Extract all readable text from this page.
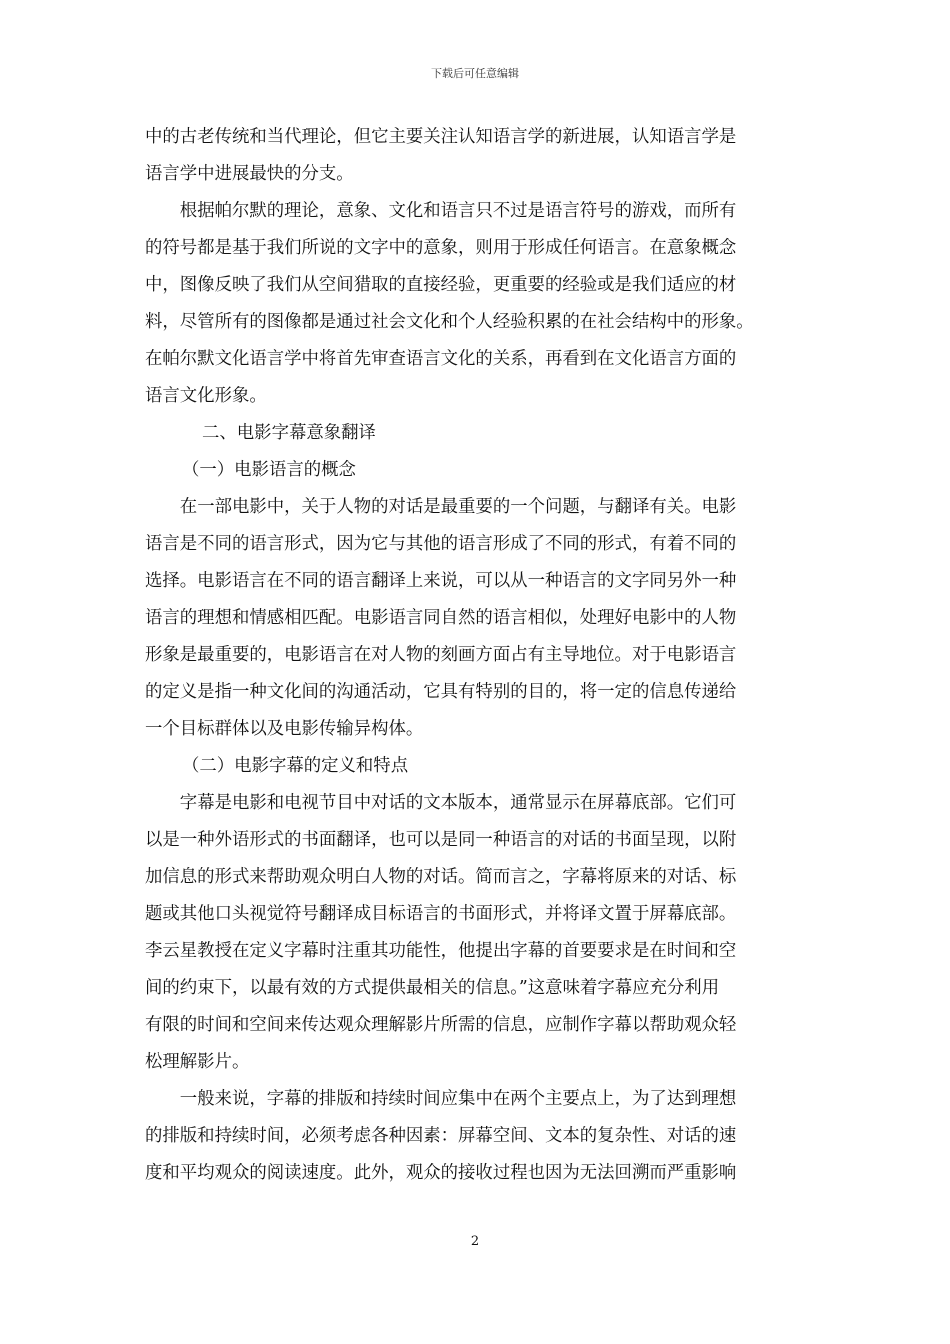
下载后可任意编辑

中的古老传统和当代理论，但它主要关注认知语言学的新进展，认知语言学是

语言学中进展最快的分支。

根据帕尔默的理论，意象、文化和语言只不过是语言符号的游戏，而所有

的符号都是基于我们所说的文字中的意象，则用于形成任何语言。在意象概念

中，图像反映了我们从空间猎取的直接经验，更重要的经验或是我们适应的材

料，尽管所有的图像都是通过社会文化和个人经验积累的在社会结构中的形象。

在帕尔默文化语言学中将首先审查语言文化的关系，再看到在文化语言方面的

语言文化形象。

二、电影字幕意象翻译

（一）电影语言的概念

在一部电影中，关于人物的对话是最重要的一个问题，与翻译有关。电影

语言是不同的语言形式，因为它与其他的语言形成了不同的形式，有着不同的

选择。电影语言在不同的语言翻译上来说，可以从一种语言的文字同另外一种

语言的理想和情感相匹配。电影语言同自然的语言相似，处理好电影中的人物

形象是最重要的，电影语言在对人物的刻画方面占有主导地位。对于电影语言

的定义是指一种文化间的沟通活动，它具有特别的目的，将一定的信息传递给

一个目标群体以及电影传输异构体。

（二）电影字幕的定义和特点

字幕是电影和电视节目中对话的文本版本，通常显示在屏幕底部。它们可

以是一种外语形式的书面翻译，也可以是同一种语言的对话的书面呈现，以附

加信息的形式来帮助观众明白人物的对话。简而言之，字幕将原来的对话、标

题或其他口头视觉符号翻译成目标语言的书面形式，并将译文置于屏幕底部。

李云星教授在定义字幕时注重其功能性，他提出字幕的首要要求是在时间和空

间的约束下，以最有效的方式提供最相关的信息。”这意味着字幕应充分利用

有限的时间和空间来传达观众理解影片所需的信息，应制作字幕以帮助观众轻

松理解影片。

一般来说，字幕的排版和持续时间应集中在两个主要点上，为了达到理想

的排版和持续时间，必须考虑各种因素：屏幕空间、文本的复杂性、对话的速

度和平均观众的阅读速度。此外，观众的接收过程也因为无法回溯而严重影响

2
